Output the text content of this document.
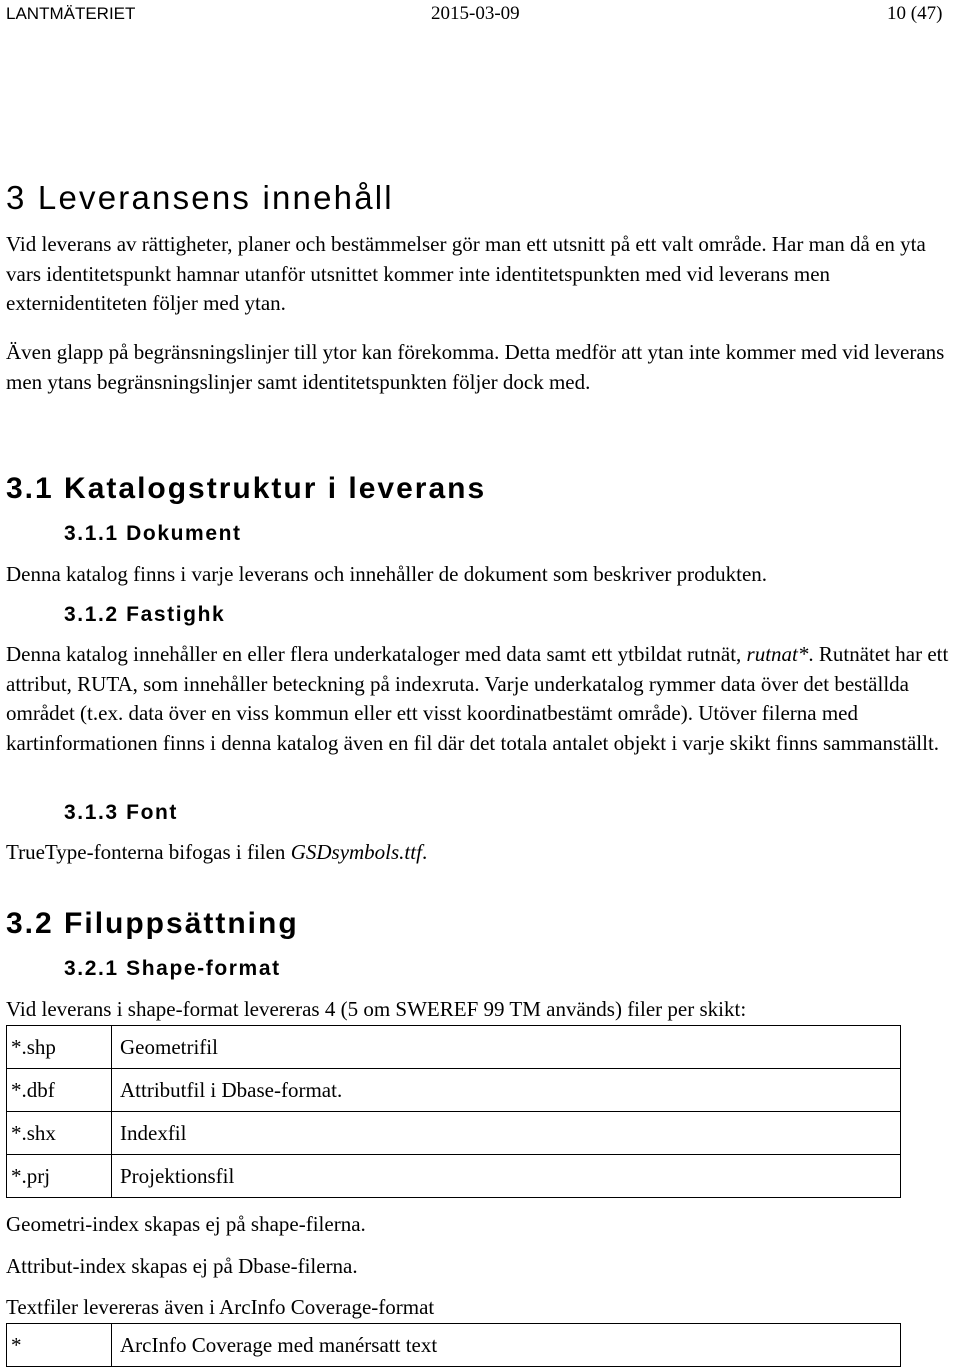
LANTMÄTERIET	2015-03-09	10 (47)
3 Leveransens innehåll

Vid leverans av rättigheter, planer och bestämmelser gör man ett utsnitt på ett valt område. Har man då en yta vars identitetspunkt hamnar utanför utsnittet kommer inte identitetspunkten med vid leverans men externidentiteten följer med ytan.

Även glapp på begränsningslinjer till ytor kan förekomma. Detta medför att ytan inte kommer med vid leverans men ytans begränsningslinjer samt identitetspunkten följer dock med.

3.1 Katalogstruktur i leverans
3.1.1 Dokument

Denna katalog finns i varje leverans och innehåller de dokument som beskriver produkten.

3.1.2 Fastighk

Denna katalog innehåller en eller flera underkataloger med data samt ett ytbildat rutnät, rutnat*. Rutnätet har ett attribut, RUTA, som innehåller beteckning på indexruta. Varje underkatalog rymmer data över det beställda området (t.ex. data över en viss kommun eller ett visst koordinatbestämt område). Utöver filerna med kartinformationen finns i denna katalog även en fil där det totala antalet objekt i varje skikt finns sammanställt.

3.1.3 Font

TrueType-fonterna bifogas i filen GSDsymbols.ttf.

3.2 Filuppsättning
3.2.1 Shape-format

Vid leverans i shape-format levereras 4 (5 om SWEREF 99 TM används) filer per skikt:

*.shp	Geometrifil
*.dbf	Attributfil i Dbase-format.
*.shx	Indexfil
*.prj	Projektionsfil

Geometri-index skapas ej på shape-filerna.

Attribut-index skapas ej på Dbase-filerna.

Textfiler levereras även i ArcInfo Coverage-format

*	ArcInfo Coverage med manérsatt text
